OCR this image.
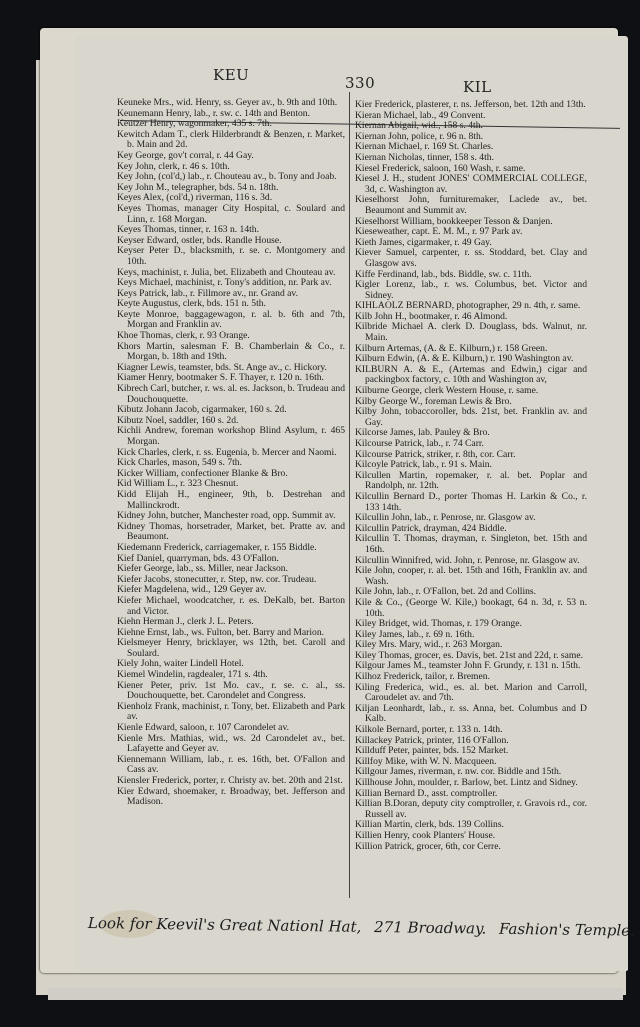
KEU	330	KIL

Keuneke Mrs., wid. Henry, ss. Geyer av., b. 9th and 10th.

Keunemann Henry, lab., r. sw. c. 14th and Benton.

Keutzer Henry, wagonmaker, 435 s. 7th.

Kewitch Adam T., clerk Hilderbrandt & Benzen, r. Market, b. Main and 2d.

Key George, gov't corral, r. 44 Gay.

Key John, clerk, r. 46 s. 10th.

Key John, (col'd,) lab., r. Chouteau av., b. Tony and Joab.

Key John M., telegrapher, bds. 54 n. 18th.

Keyes Alex, (col'd,) riverman, 116 s. 3d.

Keyes Thomas, manager City Hospital, c. Soulard and Linn, r. 168 Morgan.

Keyes Thomas, tinner, r. 163 n. 14th.

Keyser Edward, ostler, bds. Randle House.

Keyser Peter D., blacksmith, r. se. c. Montgomery and 10th.

Keys, machinist, r. Julia, bet. Elizabeth and Chouteau av.

Keys Michael, machinist, r. Tony's addition, nr. Park av.

Keys Patrick, lab., r. Fillmore av., nr. Grand av.

Keyte Augustus, clerk, bds. 151 n. 5th.

Keyte Monroe, baggagewagon, r. al. b. 6th and 7th, Morgan and Franklin av.

Khoe Thomas, clerk, r. 93 Orange.

Khors Martin, salesman F. B. Chamberlain & Co., r. Morgan, b. 18th and 19th.

Kiagner Lewis, teamster, bds. St. Ange av., c. Hickory.

Kiamer Henry, bootmaker S. F. Thayer, r. 120 n. 16th.

Kibrech Carl, butcher, r. ws. al. es. Jackson, b. Trudeau and Douchouquette.

Kibutz Johann Jacob, cigarmaker, 160 s. 2d.

Kibutz Noel, saddler, 160 s. 2d.

Kichli Andrew, foreman workshop Blind Asylum, r. 465 Morgan.

Kick Charles, clerk, r. ss. Eugenia, b. Mercer and Naomi.

Kick Charles, mason, 549 s. 7th.

Kicker William, confectioner Blanke & Bro.

Kid William L., r. 323 Chesnut.

Kidd Elijah H., engineer, 9th, b. Destrehan and Mallinckrodt.

Kidney John, butcher, Manchester road, opp. Summit av.

Kidney Thomas, horsetrader, Market, bet. Pratte av. and Beaumont.

Kiedemann Frederick, carriagemaker, r. 155 Biddle.

Kief Daniel, quarryman, bds. 43 O'Fallon.

Kiefer George, lab., ss. Miller, near Jackson.

Kiefer Jacobs, stonecutter, r. Step, nw. cor. Trudeau.

Kiefer Magdelena, wid., 129 Geyer av.

Kiefer Michael, woodcatcher, r. es. DeKalb, bet. Barton and Victor.

Kiehn Herman J., clerk J. L. Peters.

Kiehne Ernst, lab., ws. Fulton, bet. Barry and Marion.

Kielsmeyer Henry, bricklayer, ws 12th, bet. Caroll and Soulard.

Kiely John, waiter Lindell Hotel.

Kiemel Windelin, ragdealer, 171 s. 4th.

Kiener Peter, priv. 1st Mo. cav., r. se. c. al., ss. Douchouquette, bet. Carondelet and Congress.

Kienholz Frank, machinist, r. Tony, bet. Elizabeth and Park av.

Kienle Edward, saloon, r. 107 Carondelet av.

Kienle Mrs. Mathias, wid., ws. 2d Carondelet av., bet. Lafayette and Geyer av.

Kiennemann William, lab., r. es. 16th, bet. O'Fallon and Cass av.

Kiensler Frederick, porter, r. Christy av. bet. 20th and 21st.

Kier Edward, shoemaker, r. Broadway, bet. Jefferson and Madison.

Kier Frederick, plasterer, r. ns. Jefferson, bet. 12th and 13th.

Kieran Michael, lab., 49 Convent.

Kiernan Abigail, wid., 158 s. 4th.

Kiernan John, police, r. 96 n. 8th.

Kiernan Michael, r. 169 St. Charles.

Kiernan Nicholas, tinner, 158 s. 4th.

Kiesel Frederick, saloon, 160 Wash, r. same.

Kiesel J. H., student JONES' COMMERCIAL COLLEGE, 3d, c. Washington av.

Kieselhorst John, furnituremaker, Laclede av., bet. Beaumont and Summit av.

Kieselhorst William, bookkeeper Tesson & Danjen.

Kieseweather, capt. E. M. M., r. 97 Park av.

Kieth James, cigarmaker, r. 49 Gay.

Kiever Samuel, carpenter, r. ss. Stoddard, bet. Clay and Glasgow avs.

Kiffe Ferdinand, lab., bds. Biddle, sw. c. 11th.

Kigler Lorenz, lab., r. ws. Columbus, bet. Victor and Sidney.

KIHLAOLZ BERNARD, photographer, 29 n. 4th, r. same.

Kilb John H., bootmaker, r. 46 Almond.

Kilbride Michael A. clerk D. Douglass, bds. Walnut, nr. Main.

Kilburn Artemas, (A. & E. Kilburn,) r. 158 Green.

Kilburn Edwin, (A. & E. Kilburn,) r. 190 Washington av.

KILBURN A. & E., (Artemas and Edwin,) cigar and packingbox factory, c. 10th and Washington av,

Kilburne George, clerk Western House, r. same.

Kilby George W., foreman Lewis & Bro.

Kilby John, tobaccoroller, bds. 21st, bet. Franklin av. and Gay.

Kilcorse James, lab. Pauley & Bro.

Kilcourse Patrick, lab., r. 74 Carr.

Kilcourse Patrick, striker, r. 8th, cor. Carr.

Kilcoyle Patrick, lab., r. 91 s. Main.

Kilcullen Martin, ropemaker, r. al. bet. Poplar and Randolph, nr. 12th.

Kilcullin Bernard D., porter Thomas H. Larkin & Co., r. 133 14th.

Kilcullin John, lab., r. Penrose, nr. Glasgow av.

Kilcullin Patrick, drayman, 424 Biddle.

Kilcullin T. Thomas, drayman, r. Singleton, bet. 15th and 16th.

Kilcullin Winnifred, wid. John, r. Penrose, nr. Glasgow av.

Kile John, cooper, r. al. bet. 15th and 16th, Franklin av. and Wash.

Kile John, lab., r. O'Fallon, bet. 2d and Collins.

Kile & Co., (George W. Kile,) bookagt, 64 n. 3d, r. 53 n. 10th.

Kiley Bridget, wid. Thomas, r. 179 Orange.

Kiley James, lab., r. 69 n. 16th.

Kiley Mrs. Mary, wid., r. 263 Morgan.

Kiley Thomas, grocer, es. Davis, bet. 21st and 22d, r. same.

Kilgour James M., teamster John F. Grundy, r. 131 n. 15th.

Kilhoz Frederick, tailor, r. Bremen.

Kiling Frederica, wid., es. al. bet. Marion and Carroll, Caroudelet av. and 7th.

Kiljan Leonhardt, lab., r. ss. Anna, bet. Columbus and D Kalb.

Kilkole Bernard, porter, r. 133 n. 14th.

Killackey Patrick, printer, 116 O'Fallon.

Killduff Peter, painter, bds. 152 Market.

Killfoy Mike, with W. N. Macqueen.

Killgour James, riverman, r. nw. cor. Biddle and 15th.

Killhouse John, moulder, r. Barlow, bet. Lintz and Sidney.

Killian Bernard D., asst. comptroller.

Killian B.Doran, deputy city comptroller, r. Gravois rd., cor. Russell av.

Killian Martin, clerk, bds. 139 Collins.

Killien Henry, cook Planters' House.

Killion Patrick, grocer, 6th, cor Cerre.

Look for Keevil's Great Nationl Hat, 271 Broadway. Fashion's Temple.
